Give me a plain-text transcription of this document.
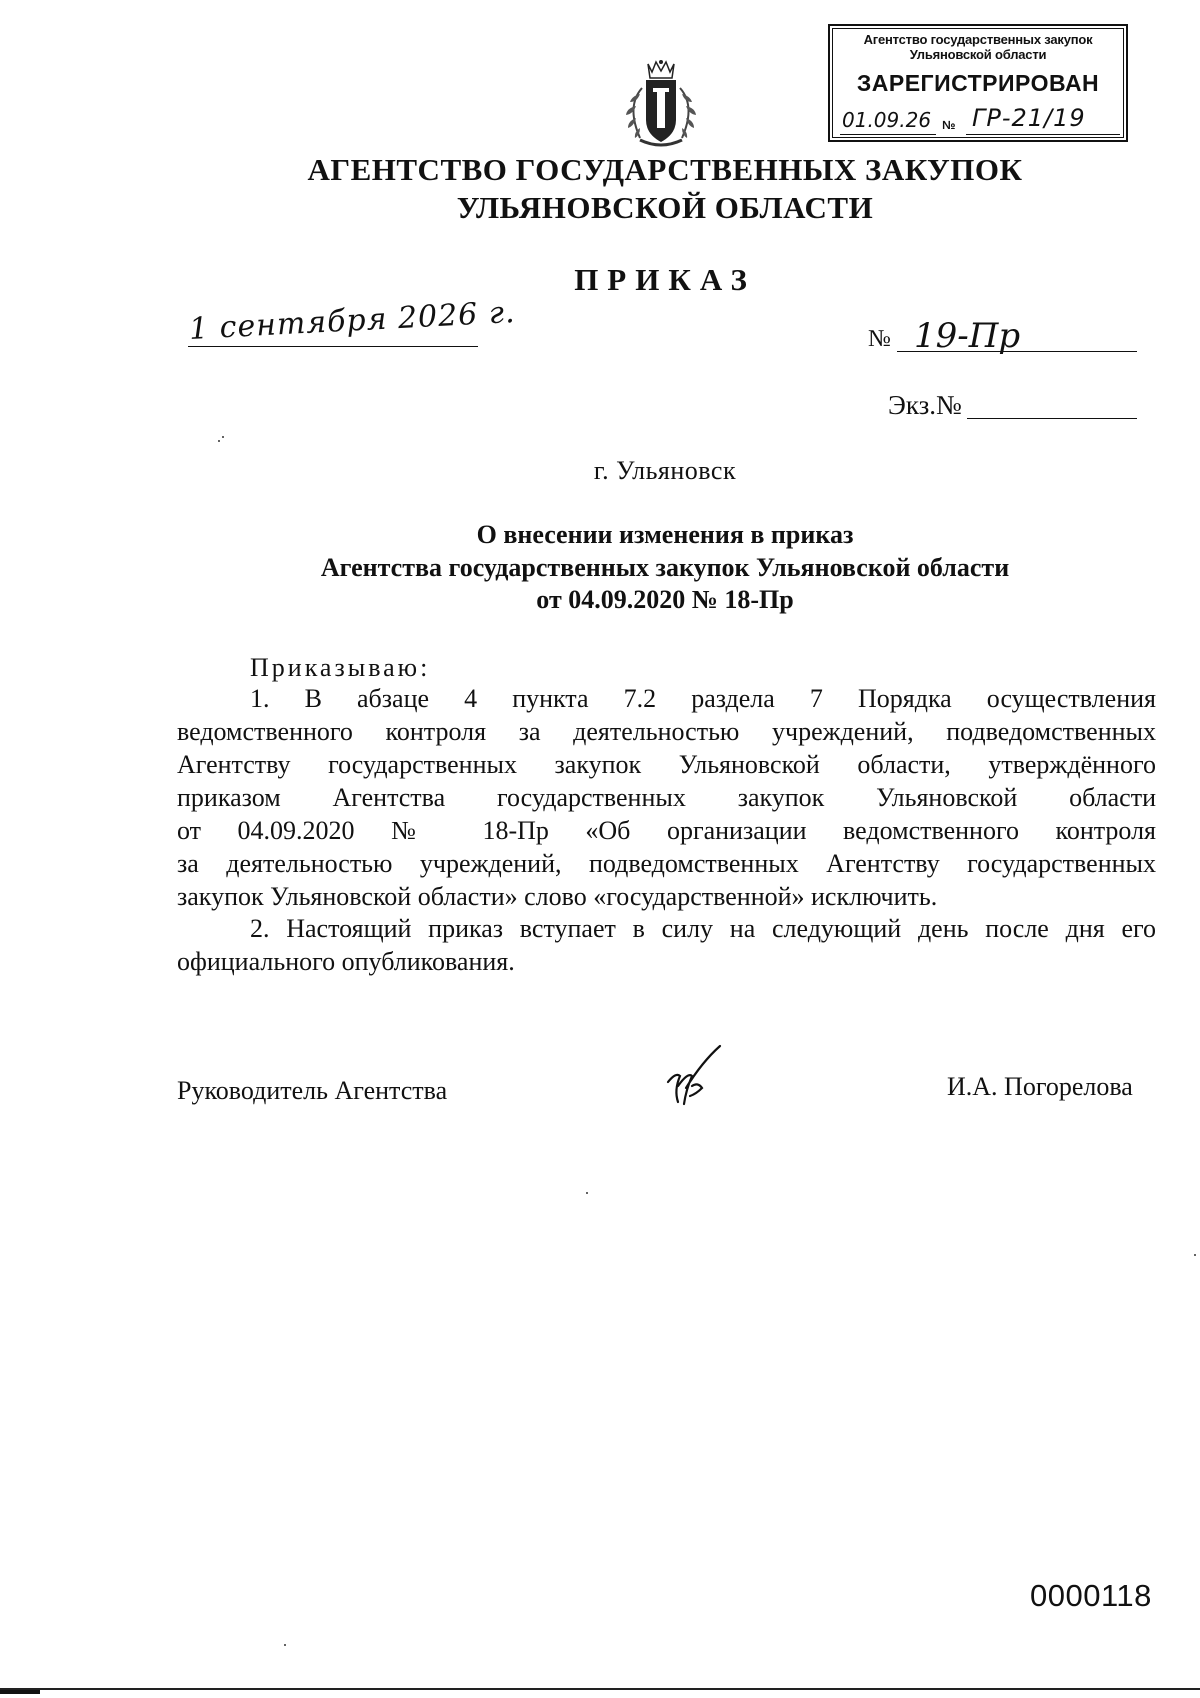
Агентство государственных закупок
Ульяновской области
ЗАРЕГИСТРИРОВАН
01.09.26 № ГР-21/19
АГЕНТСТВО ГОСУДАРСТВЕННЫХ ЗАКУПОК
УЛЬЯНОВСКОЙ ОБЛАСТИ
ПРИКАЗ
1 сентября 2026 г.	№ 19-Пр
Экз.№
г. Ульяновск
О внесении изменения в приказ
Агентства государственных закупок Ульяновской области
от 04.09.2020 № 18-Пр
Приказываю:
1. В абзаце 4 пункта 7.2 раздела 7 Порядка осуществления
ведомственного контроля за деятельностью учреждений, подведомственных
Агентству государственных закупок Ульяновской области, утверждённого
приказом Агентства государственных закупок Ульяновской области
от 04.09.2020 № 18-Пр «Об организации ведомственного контроля
за деятельностью учреждений, подведомственных Агентству государственных
закупок Ульяновской области» слово «государственной» исключить.
2. Настоящий приказ вступает в силу на следующий день после дня его
официального опубликования.
Руководитель Агентства	И.А. Погорелова
0000118
